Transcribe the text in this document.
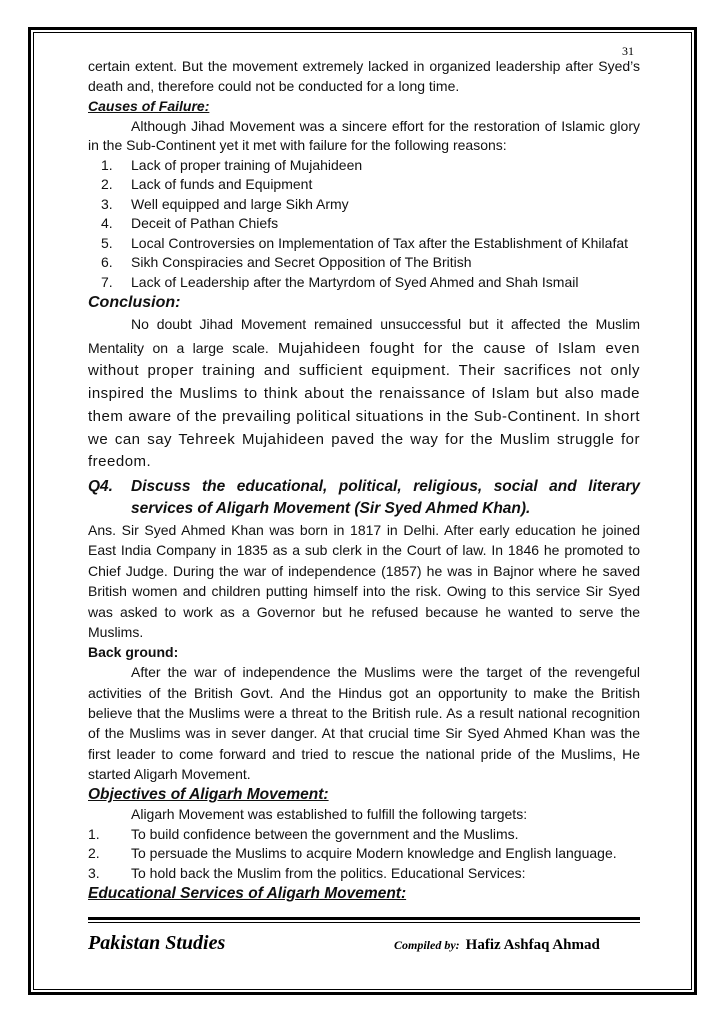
31

certain extent. But the movement extremely lacked in organized leadership after Syed’s death and, therefore could not be conducted for a long time.

Causes of Failure:

Although Jihad Movement was a sincere effort for the restoration of Islamic glory in the Sub-Continent yet it met with failure for the following reasons:

1. Lack of proper training of Mujahideen
2. Lack of funds and Equipment
3. Well equipped and large Sikh Army
4. Deceit of Pathan Chiefs
5. Local Controversies on Implementation of Tax after the Establishment of Khilafat
6. Sikh Conspiracies and Secret Opposition of The British
7. Lack of Leadership after the Martyrdom of Syed Ahmed and Shah Ismail
Conclusion:

No doubt Jihad Movement remained unsuccessful but it affected the Muslim Mentality on a large scale. Mujahideen fought for the cause of Islam even without proper training and sufficient equipment. Their sacrifices not only inspired the Muslims to think about the renaissance of Islam but also made them aware of the prevailing political situations in the Sub-Continent. In short we can say Tehreek Mujahideen paved the way for the Muslim struggle for freedom.

Q4. Discuss the educational, political, religious, social and literary services of Aligarh Movement (Sir Syed Ahmed Khan).

Ans. Sir Syed Ahmed Khan was born in 1817 in Delhi. After early education he joined East India Company in 1835 as a sub clerk in the Court of law. In 1846 he promoted to Chief Judge. During the war of independence (1857) he was in Bajnor where he saved British women and children putting himself into the risk. Owing to this service Sir Syed was asked to work as a Governor but he refused because he wanted to serve the Muslims.

Back ground:

After the war of independence the Muslims were the target of the revengeful activities of the British Govt. And the Hindus got an opportunity to make the British believe that the Muslims were a threat to the British rule. As a result national recognition of the Muslims was in sever danger. At that crucial time Sir Syed Ahmed Khan was the first leader to come forward and tried to rescue the national pride of the Muslims, He started Aligarh Movement.

Objectives of Aligarh Movement:

Aligarh Movement was established to fulfill the following targets:

1. To build confidence between the government and the Muslims.
2. To persuade the Muslims to acquire Modern knowledge and English language.
3. To hold back the Muslim from the politics. Educational Services:
Educational Services of Aligarh Movement:
Pakistan Studies	Compiled by: Hafiz Ashfaq Ahmad
